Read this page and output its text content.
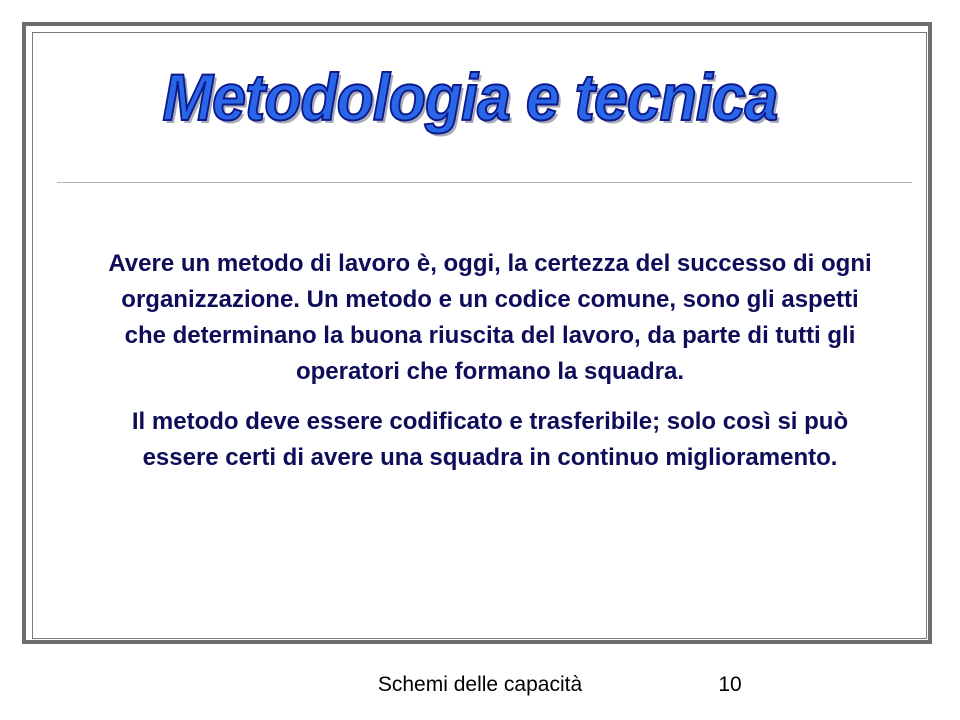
Metodologia e tecnica

Avere un metodo di lavoro è, oggi, la certezza del successo di ogni organizzazione. Un metodo e un codice comune, sono gli aspetti che determinano la buona riuscita del lavoro, da parte di tutti gli operatori che formano la squadra.

Il metodo deve essere codificato e trasferibile; solo così si può essere certi di avere una squadra in continuo miglioramento.

Schemi delle capacità	10
